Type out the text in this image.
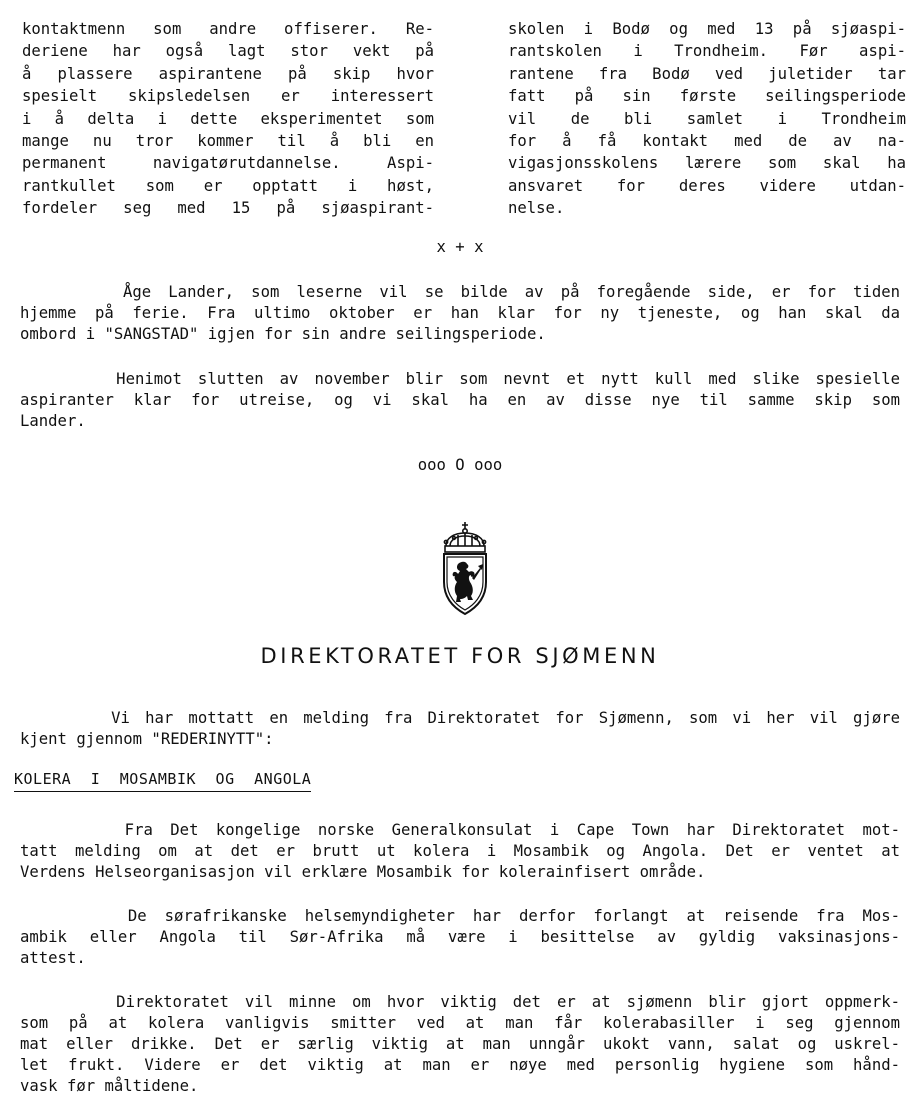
kontaktmenn som andre offiserer. Re-
deriene har også lagt stor vekt på
å plassere aspirantene på skip hvor
spesielt skipsledelsen er interessert
i å delta i dette eksperimentet som
mange nu tror kommer til å bli en
permanent navigatørutdannelse. Aspi-
rantkullet som er opptatt i høst,
fordeler seg med 15 på sjøaspirant-
skolen i Bodø og med 13 på sjøaspi-
rantskolen i Trondheim. Før aspi-
rantene fra Bodø ved juletider tar
fatt på sin første seilingsperiode
vil de bli samlet i Trondheim
for å få kontakt med de av na-
vigasjonsskolens lærere som skal ha
ansvaret for deres videre utdan-
nelse.
x + x
Åge Lander, som leserne vil se bilde av på foregående side, er for tiden
hjemme på ferie. Fra ultimo oktober er han klar for ny tjeneste, og han skal da
ombord i "SANGSTAD" igjen for sin andre seilingsperiode.
Henimot slutten av november blir som nevnt et nytt kull med slike spesielle
aspiranter klar for utreise, og vi skal ha en av disse nye til samme skip som
Lander.
ooo O ooo
DIREKTORATET FOR SJØMENN
Vi har mottatt en melding fra Direktoratet for Sjømenn, som vi her vil gjøre
kjent gjennom "REDERINYTT":
KOLERA I MOSAMBIK OG ANGOLA
Fra Det kongelige norske Generalkonsulat i Cape Town har Direktoratet mot-
tatt melding om at det er brutt ut kolera i Mosambik og Angola. Det er ventet at
Verdens Helseorganisasjon vil erklære Mosambik for kolerainfisert område.
De sørafrikanske helsemyndigheter har derfor forlangt at reisende fra Mos-
ambik eller Angola til Sør-Afrika må være i besittelse av gyldig vaksinasjons-
attest.
Direktoratet vil minne om hvor viktig det er at sjømenn blir gjort oppmerk-
som på at kolera vanligvis smitter ved at man får kolerabasiller i seg gjennom
mat eller drikke. Det er særlig viktig at man unngår ukokt vann, salat og uskrel-
let frukt. Videre er det viktig at man er nøye med personlig hygiene som hånd-
vask før måltidene.
